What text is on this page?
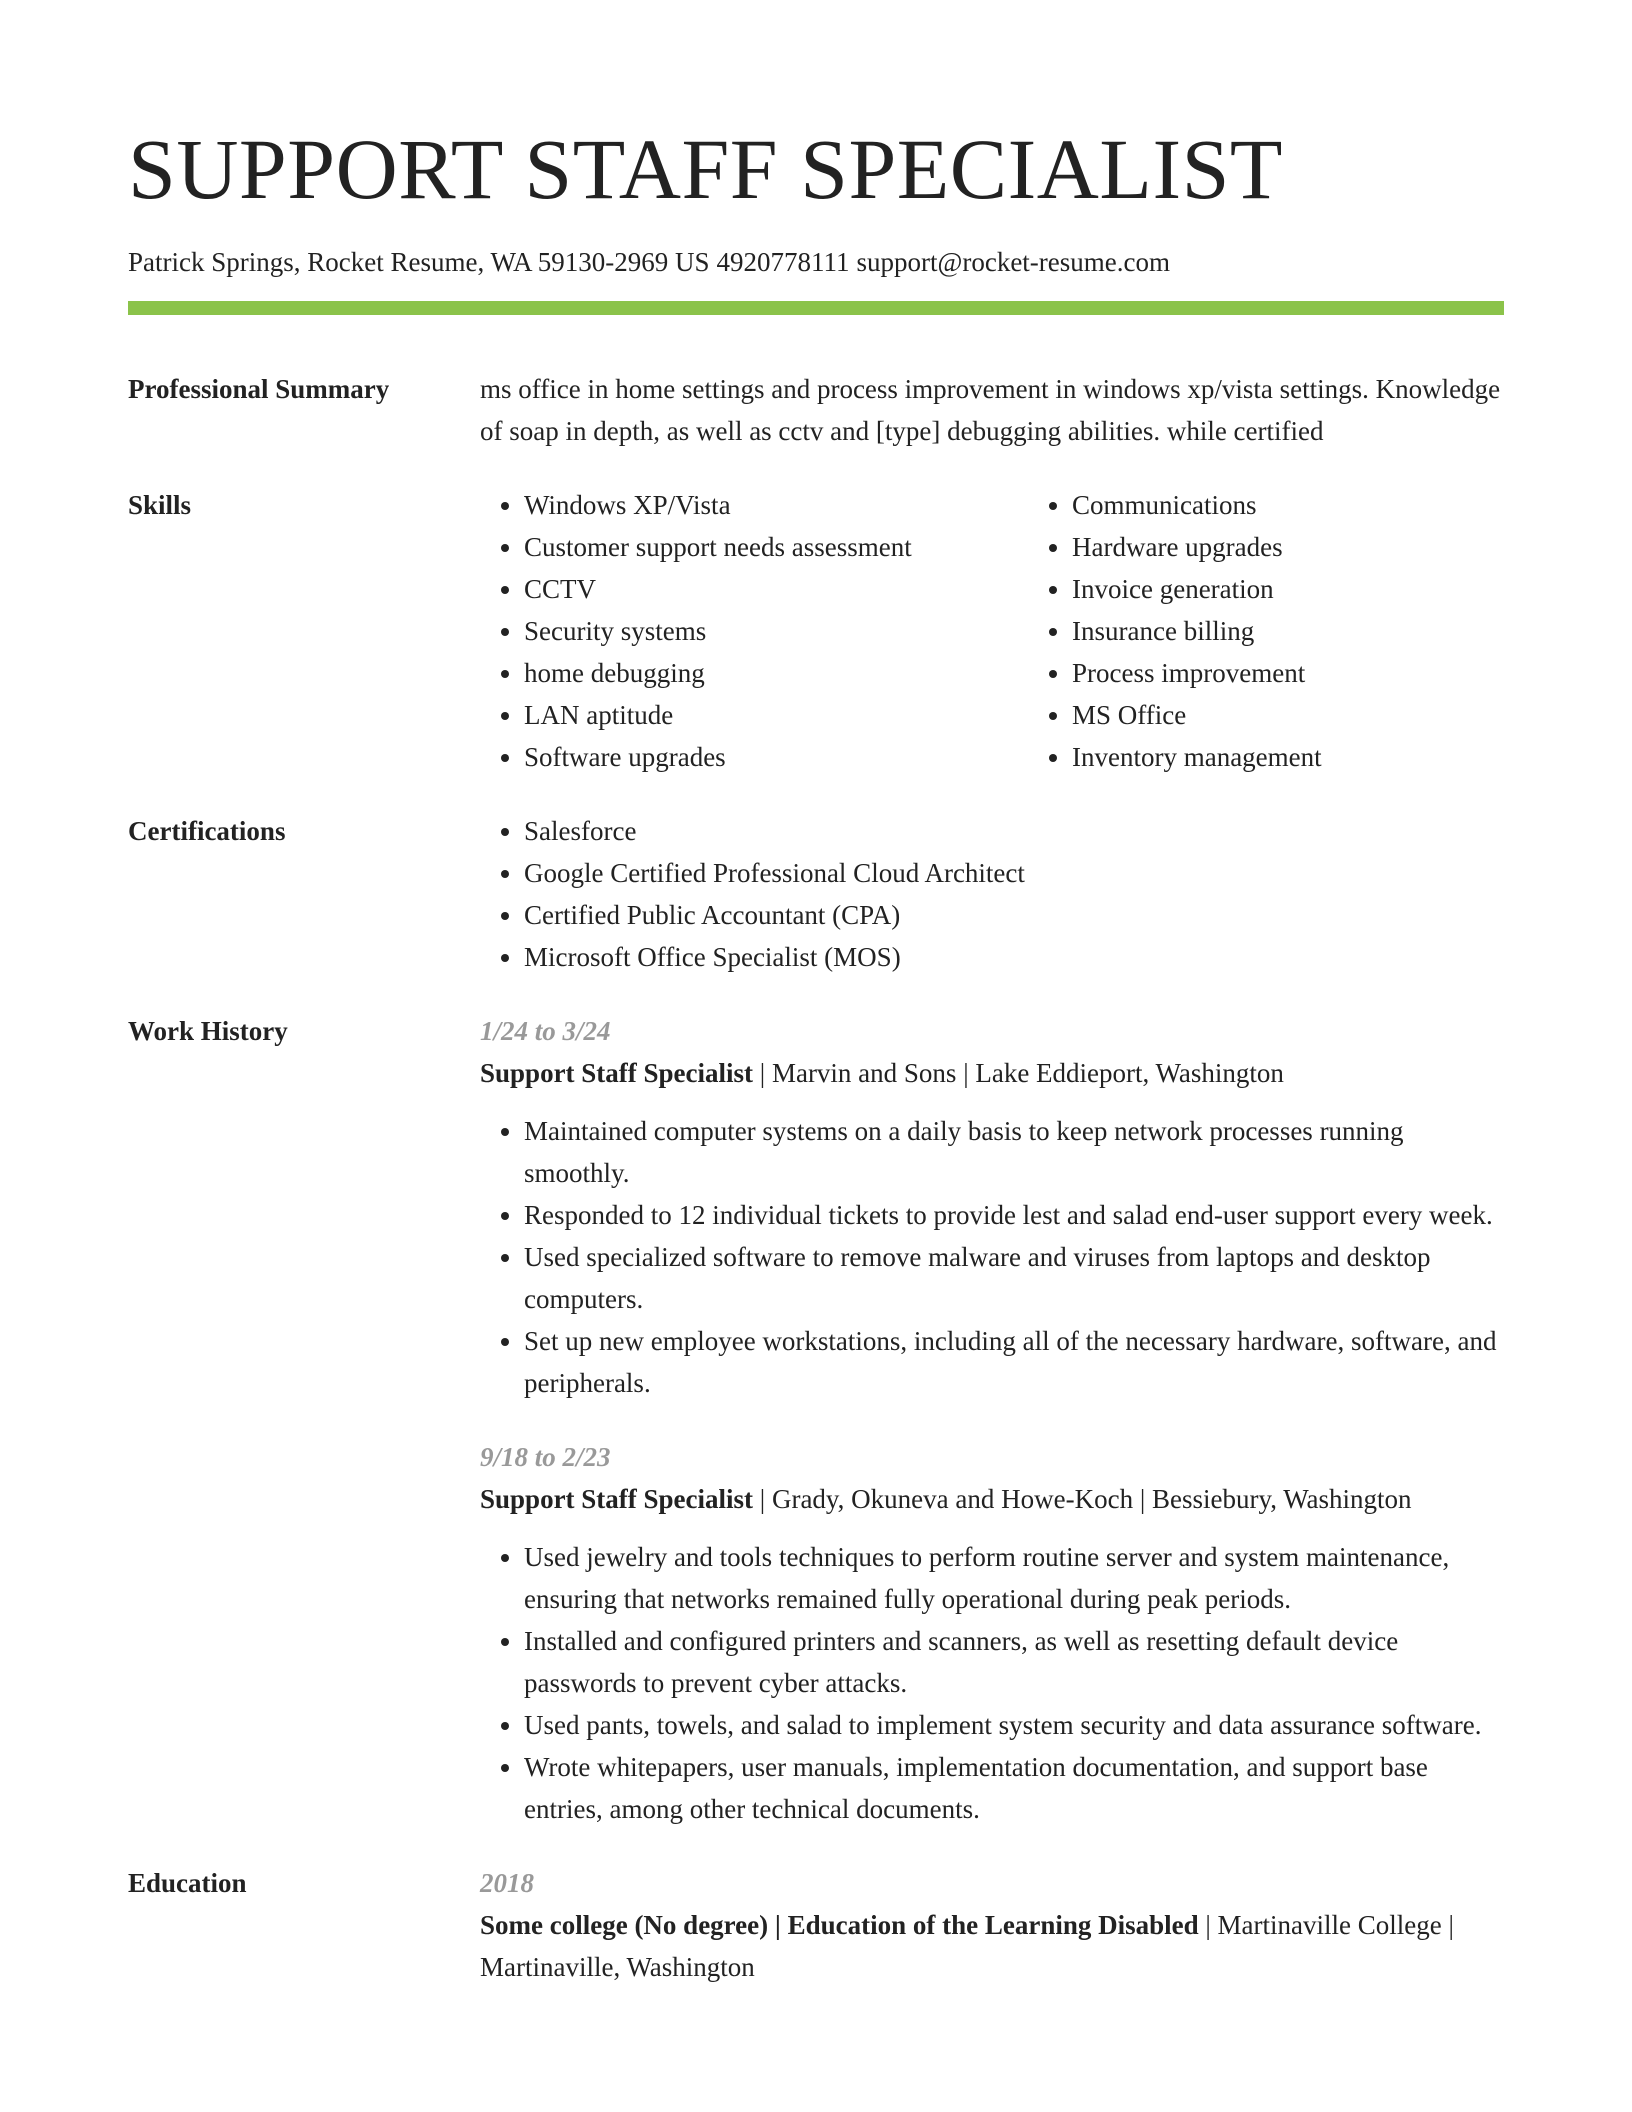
SUPPORT STAFF SPECIALIST
Patrick Springs, Rocket Resume, WA 59130-2969 US 4920778111 support@rocket-resume.com
Professional Summary	ms office in home settings and process improvement in windows xp/vista settings. Knowledge of soap in depth, as well as cctv and [type] debugging abilities. while certified
Skills	• Windows XP/Vista
• Customer support needs assessment
• CCTV
• Security systems
• home debugging
• LAN aptitude
• Software upgrades
• Communications
• Hardware upgrades
• Invoice generation
• Insurance billing
• Process improvement
• MS Office
• Inventory management
Certifications	• Salesforce
• Google Certified Professional Cloud Architect
• Certified Public Accountant (CPA)
• Microsoft Office Specialist (MOS)
Work History	1/24 to 3/24
Support Staff Specialist | Marvin and Sons | Lake Eddieport, Washington
• Maintained computer systems on a daily basis to keep network processes running smoothly.
• Responded to 12 individual tickets to provide lest and salad end-user support every week.
• Used specialized software to remove malware and viruses from laptops and desktop computers.
• Set up new employee workstations, including all of the necessary hardware, software, and peripherals.
9/18 to 2/23
Support Staff Specialist | Grady, Okuneva and Howe-Koch | Bessiebury, Washington
• Used jewelry and tools techniques to perform routine server and system maintenance, ensuring that networks remained fully operational during peak periods.
• Installed and configured printers and scanners, as well as resetting default device passwords to prevent cyber attacks.
• Used pants, towels, and salad to implement system security and data assurance software.
• Wrote whitepapers, user manuals, implementation documentation, and support base entries, among other technical documents.
Education	2018
Some college (No degree) | Education of the Learning Disabled | Martinaville College | Martinaville, Washington
